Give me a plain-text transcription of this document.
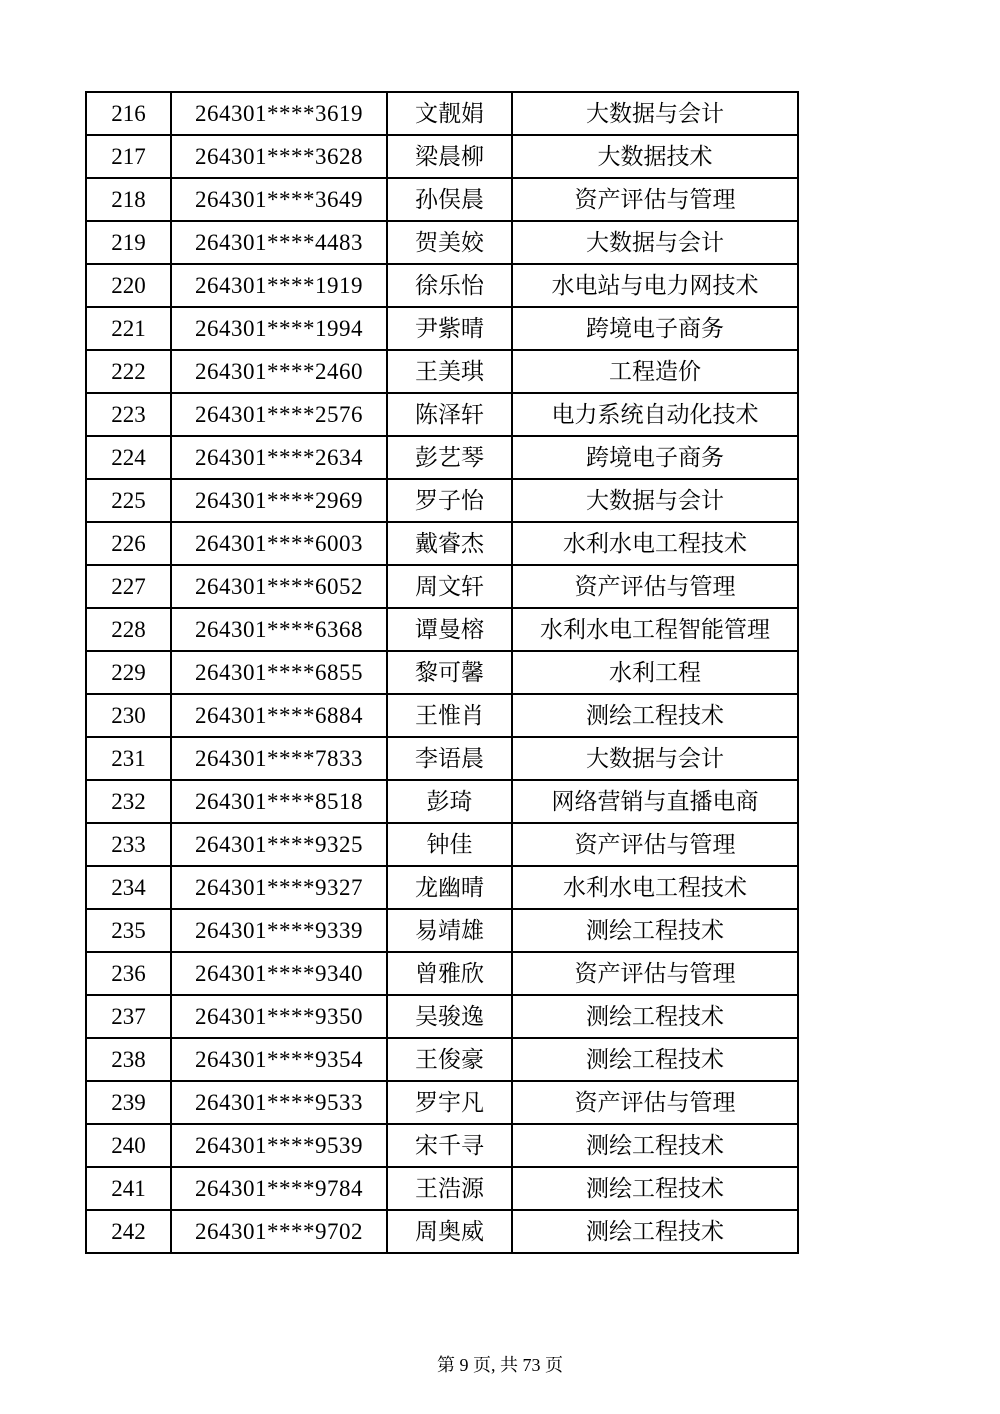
216	264301****3619	文靓娟	大数据与会计
217	264301****3628	梁晨柳	大数据技术
218	264301****3649	孙俣晨	资产评估与管理
219	264301****4483	贺美姣	大数据与会计
220	264301****1919	徐乐怡	水电站与电力网技术
221	264301****1994	尹紫晴	跨境电子商务
222	264301****2460	王美琪	工程造价
223	264301****2576	陈泽轩	电力系统自动化技术
224	264301****2634	彭艺琴	跨境电子商务
225	264301****2969	罗子怡	大数据与会计
226	264301****6003	戴睿杰	水利水电工程技术
227	264301****6052	周文轩	资产评估与管理
228	264301****6368	谭曼榕	水利水电工程智能管理
229	264301****6855	黎可馨	水利工程
230	264301****6884	王惟肖	测绘工程技术
231	264301****7833	李语晨	大数据与会计
232	264301****8518	彭琦	网络营销与直播电商
233	264301****9325	钟佳	资产评估与管理
234	264301****9327	龙幽晴	水利水电工程技术
235	264301****9339	易靖雄	测绘工程技术
236	264301****9340	曾雅欣	资产评估与管理
237	264301****9350	吴骏逸	测绘工程技术
238	264301****9354	王俊豪	测绘工程技术
239	264301****9533	罗宇凡	资产评估与管理
240	264301****9539	宋千寻	测绘工程技术
241	264301****9784	王浩源	测绘工程技术
242	264301****9702	周奥威	测绘工程技术
第 9 页, 共 73 页
